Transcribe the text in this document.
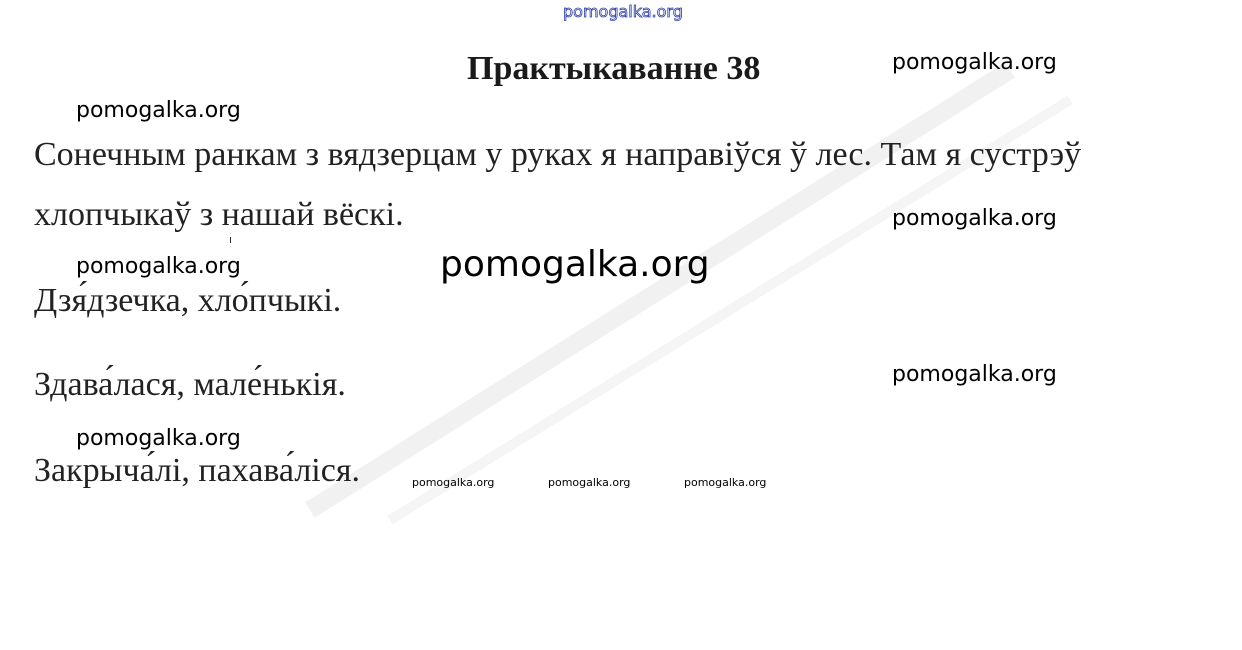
pomogalka.org
Практыкаванне 38	pomogalka.org
pomogalka.org
Сонечным ранкам з вядзерцам у руках я направіўся ў лес. Там я сустрэў
хлопчыкаў з нашай вёскі.	pomogalka.org
pomogalka.org	pomogalka.org
Дзя́дзечка, хло́пчыкі.
pomogalka.org
Здава́лася, мале́нькія.
pomogalka.org
Закрыча́лі, пахава́ліся.	pomogalka.org	pomogalka.org	pomogalka.org
